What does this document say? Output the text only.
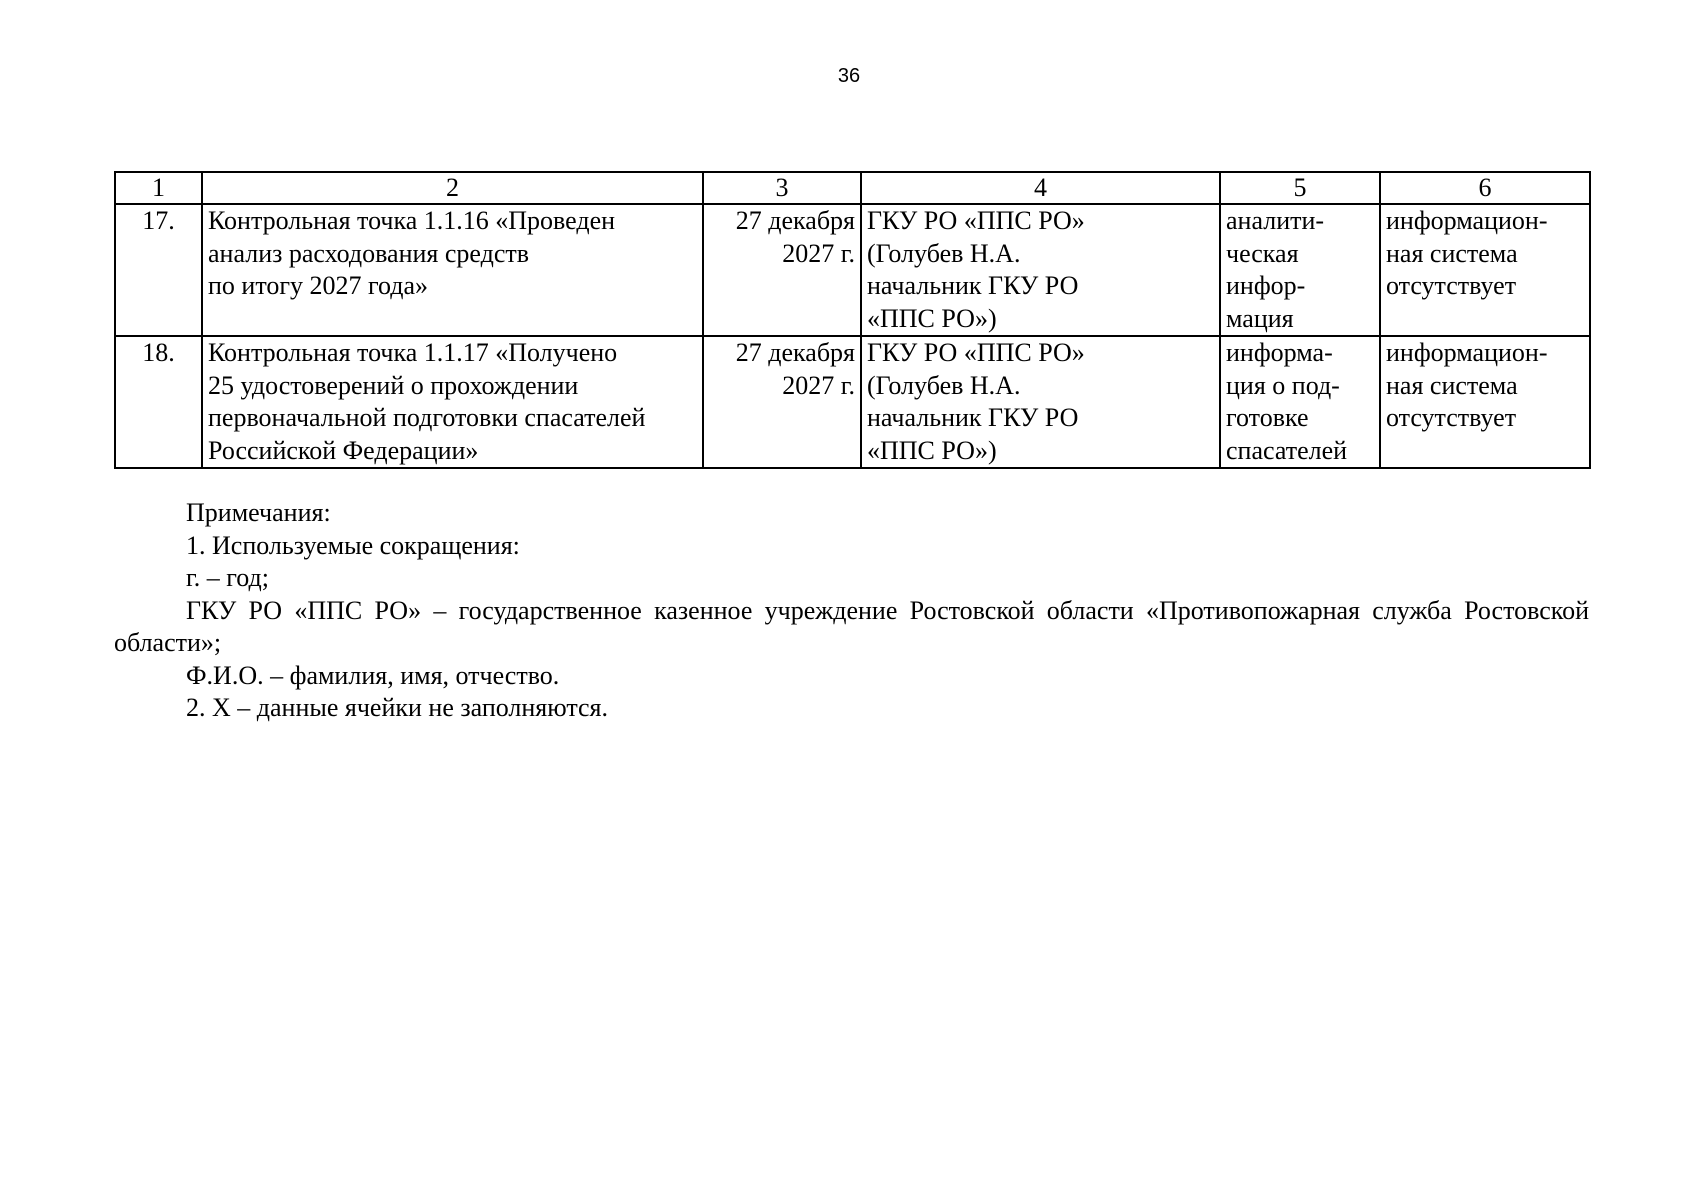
36
1	2	3	4	5	6
17.	Контрольная точка 1.1.16 «Проведен
анализ расходования средств
по итогу 2027 года»	27 декабря
2027 г.	ГКУ РО «ППС РО»
(Голубев Н.А.
начальник ГКУ РО
«ППС РО»)	аналити-
ческая
инфор-
мация	информацион-
ная система
отсутствует

18.	Контрольная точка 1.1.17 «Получено
25 удостоверений о прохождении
первоначальной подготовки спасателей
Российской Федерации»	27 декабря
2027 г.	ГКУ РО «ППС РО»
(Голубев Н.А.
начальник ГКУ РО
«ППС РО»)	информа-
ция о под-
готовке
спасателей	информацион-
ная система
отсутствует

Примечания:

1. Используемые сокращения:

г. – год;

ГКУ РО «ППС РО» – государственное казенное учреждение Ростовской области «Противопожарная служба Ростовской области»;

Ф.И.О. – фамилия, имя, отчество.

2. Х – данные ячейки не заполняются.
